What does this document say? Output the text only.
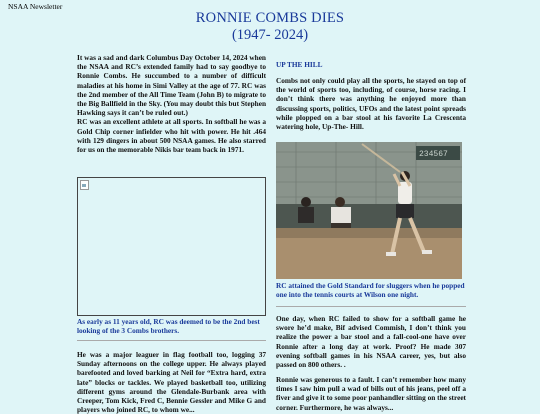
NSAA Newsletter
RONNIE COMBS DIES
(1947- 2024)

It was a sad and dark Columbus Day October 14, 2024 when the NSAA and RC’s extended family had to say goodbye to Ronnie Combs. He succumbed to a number of difficult maladies at his home in Simi Valley at the age of 77. RC was the 2nd member of the All Time Team (John B) to migrate to the Big Ballfield in the Sky. (You may doubt this but Stephen Hawking says it can’t be ruled out.)

RC was an excellent athlete at all sports. In softball he was a Gold Chip corner infielder who hit with power. He hit .464 with 129 dingers in about 500 NSAA games. He also starred for us on the memorable Nikis bar team back in 1971.

As early as 11 years old, RC was deemed to be the 2nd best looking of the 3 Combs brothers.

He was a major leaguer in flag football too, logging 37 Sunday afternoons on the college upper. He always played barefooted and loved barking at Neil for “Extra hard, extra late” blocks or tackles. We played basketball too, utilizing different gyms around the Glendale-Burbank area with Creeper, Tom Kick, Fred C, Bennie Gessler and Mike G and players who joined RC, to whom we...

UP THE HILL

Combs not only could play all the sports, he stayed on top of the world of sports too, including, of course, horse racing. I don’t think there was anything he enjoyed more than discussing sports, politics, UFOs and the latest point spreads while plopped on a bar stool at his favorite La Crescenta watering hole, Up-The- Hill.

234567

RC attained the Gold Standard for sluggers when he popped one into the tennis courts at Wilson one night.

One day, when RC failed to show for a softball game he swore he’d make, Bif advised Commish, I don’t think you realize the power a bar stool and a fall-cool-one have over Ronnie after a long day at work. Proof? He made 307 evening softball games in his NSAA career, yes, but also passed on 800 others. .

Ronnie was generous to a fault. I can’t remember how many times I saw him pull a wad of bills out of his jeans, peel off a fiver and give it to some poor panhandler sitting on the street corner. Furthermore, he was always...
